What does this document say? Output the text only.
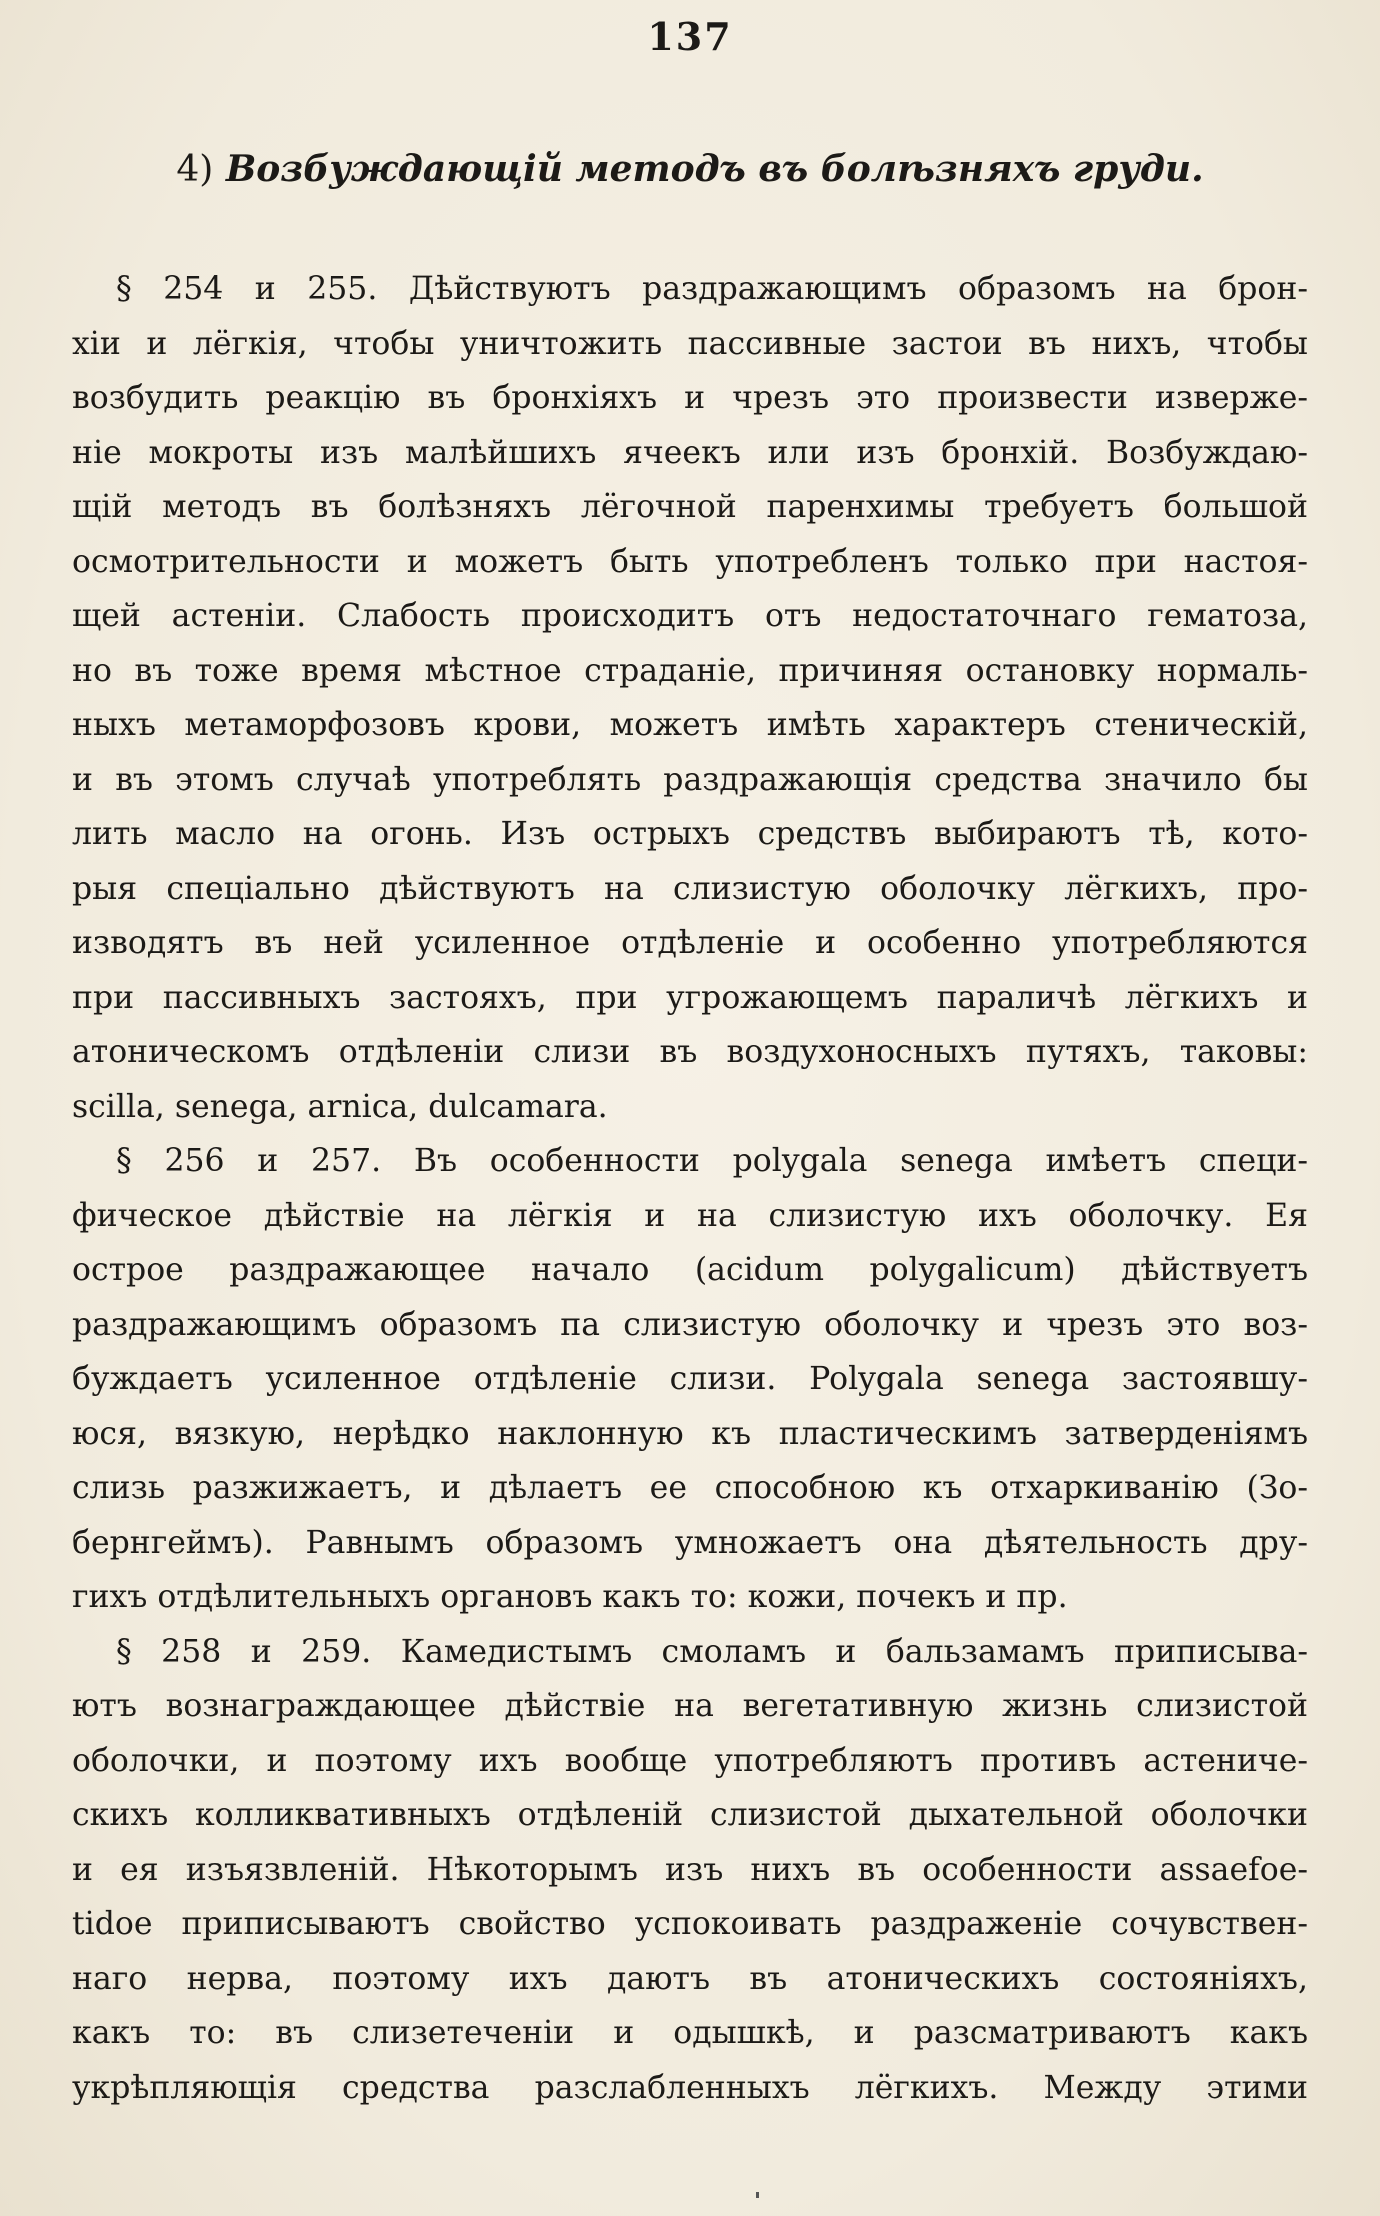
137
4) Возбуждающій методъ въ болѣзняхъ груди.
§ 254 и 255. Дѣйствуютъ раздражающимъ образомъ на брон-
хіи и лёгкія, чтобы уничтожить пассивные застои въ нихъ, чтобы
возбудить реакцію въ бронхіяхъ и чрезъ это произвести изверже-
ніе мокроты изъ малѣйшихъ ячеекъ или изъ бронхій. Возбуждаю-
щій методъ въ болѣзняхъ лёгочной паренхимы требуетъ большой
осмотрительности и можетъ быть употребленъ только при настоя-
щей астеніи. Слабость происходитъ отъ недостаточнаго гематоза,
но въ тоже время мѣстное страданіе, причиняя остановку нормаль-
ныхъ метаморфозовъ крови, можетъ имѣть характеръ стеническій,
и въ этомъ случаѣ употреблять раздражающія средства значило бы
лить масло на огонь. Изъ острыхъ средствъ выбираютъ тѣ, кото-
рыя спеціально дѣйствуютъ на слизистую оболочку лёгкихъ, про-
изводятъ въ ней усиленное отдѣленіе и особенно употребляются
при пассивныхъ застояхъ, при угрожающемъ параличѣ лёгкихъ и
атоническомъ отдѣленіи слизи въ воздухоносныхъ путяхъ, таковы:
scilla, senega, arnica, dulcamara.
§ 256 и 257. Въ особенности polygala senega имѣетъ специ-
фическое дѣйствіе на лёгкія и на слизистую ихъ оболочку. Ея
острое раздражающее начало (acidum polygalicum) дѣйствуетъ
раздражающимъ образомъ па слизистую оболочку и чрезъ это воз-
буждаетъ усиленное отдѣленіе слизи. Polygala senega застоявшу-
юся, вязкую, нерѣдко наклонную къ пластическимъ затверденіямъ
слизь разжижаетъ, и дѣлаетъ ее способною къ отхаркиванію (Зо-
бернгеймъ). Равнымъ образомъ умножаетъ она дѣятельность дру-
гихъ отдѣлительныхъ органовъ какъ то: кожи, почекъ и пр.
§ 258 и 259. Камедистымъ смоламъ и бальзамамъ приписыва-
ютъ вознаграждающее дѣйствіе на вегетативную жизнь слизистой
оболочки, и поэтому ихъ вообще употребляютъ противъ астениче-
скихъ колликвативныхъ отдѣленій слизистой дыхательной оболочки
и ея изъязвленій. Нѣкоторымъ изъ нихъ въ особенности assaefoe-
tidoe приписываютъ свойство успокоивать раздраженіе сочувствен-
наго нерва, поэтому ихъ даютъ въ атоническихъ состояніяхъ,
какъ то: въ слизетеченіи и одышкѣ, и разсматриваютъ какъ
укрѣпляющія средства разслабленныхъ лёгкихъ. Между этими
